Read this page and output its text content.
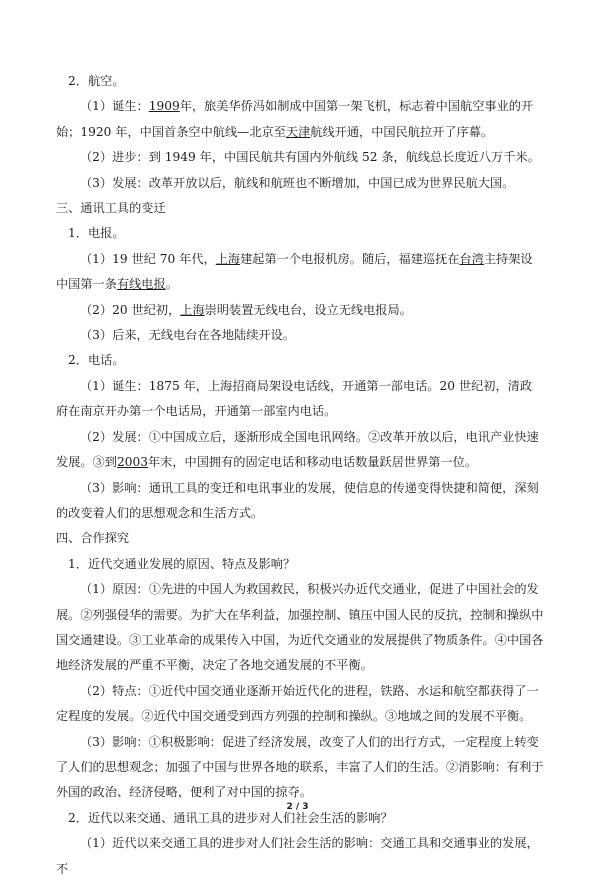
2．航空。

（1）诞生：1909年，旅美华侨冯如制成中国第一架飞机，标志着中国航空事业的开始；1920 年，中国首条空中航线—北京至天津航线开通，中国民航拉开了序幕。

（2）进步：到 1949 年，中国民航共有国内外航线 52 条，航线总长度近八万千米。

（3）发展：改革开放以后，航线和航班也不断增加，中国已成为世界民航大国。

三、通讯工具的变迁

1．电报。

（1）19 世纪 70 年代，上海建起第一个电报机房。随后，福建巡抚在台湾主持架设中国第一条有线电报。

（2）20 世纪初，上海崇明装置无线电台，设立无线电报局。

（3）后来，无线电台在各地陆续开设。

2．电话。

（1）诞生：1875 年，上海招商局架设电话线，开通第一部电话。20 世纪初，清政府在南京开办第一个电话局，开通第一部室内电话。

（2）发展：①中国成立后，逐渐形成全国电讯网络。②改革开放以后，电讯产业快速发展。③到2003年末，中国拥有的固定电话和移动电话数量跃居世界第一位。

（3）影响：通讯工具的变迁和电讯事业的发展，使信息的传递变得快捷和简便，深刻的改变着人们的思想观念和生活方式。

四、合作探究

1．近代交通业发展的原因、特点及影响？

（1）原因：①先进的中国人为救国救民，积极兴办近代交通业，促进了中国社会的发展。②列强侵华的需要。为扩大在华利益，加强控制、镇压中国人民的反抗，控制和操纵中国交通建设。③工业革命的成果传入中国，为近代交通业的发展提供了物质条件。④中国各地经济发展的严重不平衡，决定了各地交通发展的不平衡。

（2）特点：①近代中国交通业逐渐开始近代化的进程，铁路、水运和航空都获得了一定程度的发展。②近代中国交通受到西方列强的控制和操纵。③地域之间的发展不平衡。

（3）影响：①积极影响：促进了经济发展，改变了人们的出行方式，一定程度上转变了人们的思想观念；加强了中国与世界各地的联系，丰富了人们的生活。②消影响：有利于外国的政治、经济侵略，便利了对中国的掠夺。

2．近代以来交通、通讯工具的进步对人们社会生活的影响？

（1）近代以来交通工具的进步对人们社会生活的影响：交通工具和交通事业的发展，不

2 / 3
